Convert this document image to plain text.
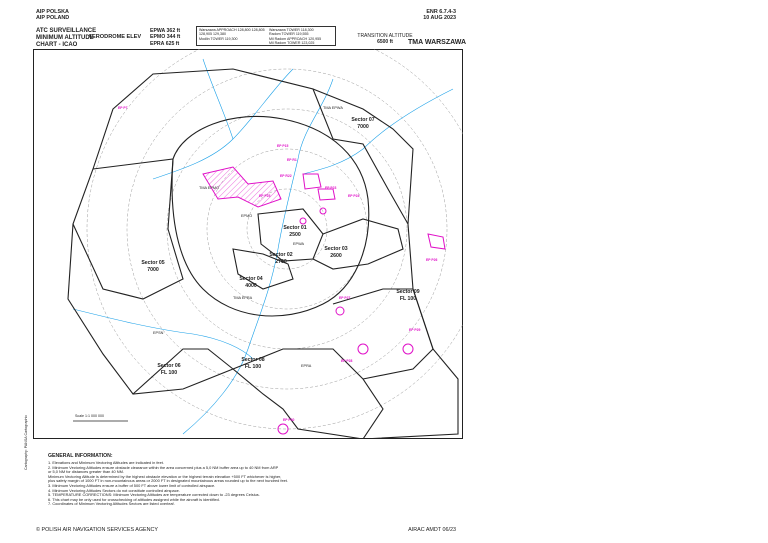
AIP POLSKA
AIP POLAND
ENR 6.7.4-3
10 AUG 2023
ATC SURVEILLANCE
MINIMUM ALTITUDE
CHART - ICAO
AERODROME ELEV
EPWA 362 ft
EPMO 344 ft
EPRA 625 ft
Warszawa APPROACH 128,800 128,805
128,905 129,380
Modlin TOWER 119,300
Warszawa TOWER 118,300
Radom TOWER 119,555
Mil Radom APPROACH 120,955
Mil Radom TOWER 123,025
TRANSITION ALTITUDE
6500 ft	TMA WARSZAWA
Sector 07
7000
Sector 01
2500
Sector 02
2700
Sector 03
2600
Sector 04
4000
Sector 05
7000
Sector 06
FL 100
Sector 08
FL 100
Sector 09
FL 100
EPMO
EPWA
EPRA
EPSN
TMA EPWA
TMA EPMO
TMA EPRA
EP P7
EP P15
EP R1
EP R22
EP P23
EP P24
EP P25
EP P26
EP P27
EP P28
EP P29
EP P30
Scale 1:1 000 000
GENERAL INFORMATION:
1. Elevations and Minimum Vectoring Altitudes are indicated in feet.
2. Minimum Vectoring Altitudes ensure obstacle clearance within the area concerned plus a 5,0 NM buffer area up to 40 NM from ARP
or 5,0 NM for distances greater than 40 NM.
Minimum Vectoring Altitude is determined by the highest obstacle elevation or the highest terrain elevation +500 FT whichever is higher,
plus safety margin of 1000 FT in non-mountainous areas or 2000 FT in designated mountainous areas rounded up to the next hundred feet.
3. Minimum Vectoring Altitudes ensure a buffer of 500 FT above lower limit of controlled airspace.
4. Minimum Vectoring Altitudes Sectors do not constitute controlled airspace.
5. TEMPERATURE CORRECTIONS: Minimum Vectoring Altitudes are temperature corrected down to -23 degrees Celsius.
6. This chart may be only used for crosschecking of altitudes assigned while the aircraft is identified.
7. Coordinates of Minimum Vectoring Altitudes Sectors are listed overleaf.
Cartography: PANSA Cartographic
© POLISH AIR NAVIGATION SERVICES AGENCY	AIRAC AMDT 06/23
